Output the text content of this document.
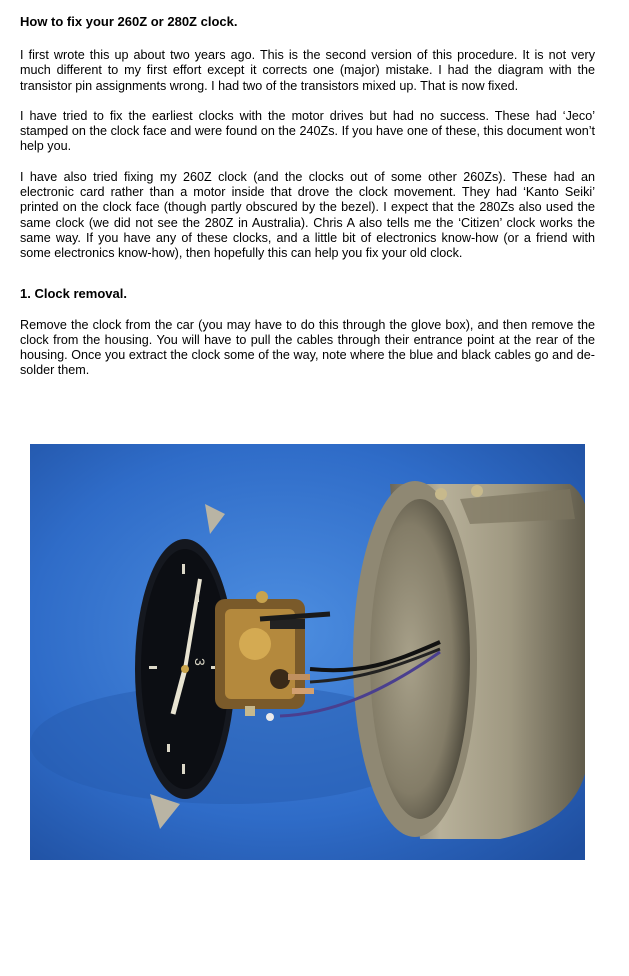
How to fix your 260Z or 280Z clock.

I first wrote this up about two years ago. This is the second version of this procedure. It is not very much different to my first effort except it corrects one (major) mistake. I had the diagram with the transistor pin assignments wrong. I had two of the transistors mixed up. That is now fixed.

I have tried to fix the earliest clocks with the motor drives but had no success. These had ‘Jeco’ stamped on the clock face and were found on the 240Zs. If you have one of these, this document won’t help you.

I have also tried fixing my 260Z clock (and the clocks out of some other 260Zs). These had an electronic card rather than a motor inside that drove the clock movement. They had ‘Kanto Seiki’ printed on the clock face (though partly obscured by the bezel). I expect that the 280Zs also used the same clock (we did not see the 280Z in Australia). Chris A also tells me the ‘Citizen’ clock works the same way. If you have any of these clocks, and a little bit of electronics know-how (or a friend with some electronics know-how), then hopefully this can help you fix your old clock.

1. Clock removal.

Remove the clock from the car (you may have to do this through the glove box), and then remove the clock from the housing. You will have to pull the cables through their entrance point at the rear of the housing. Once you extract the clock some of the way, note where the blue and black cables go and de-solder them.

3
